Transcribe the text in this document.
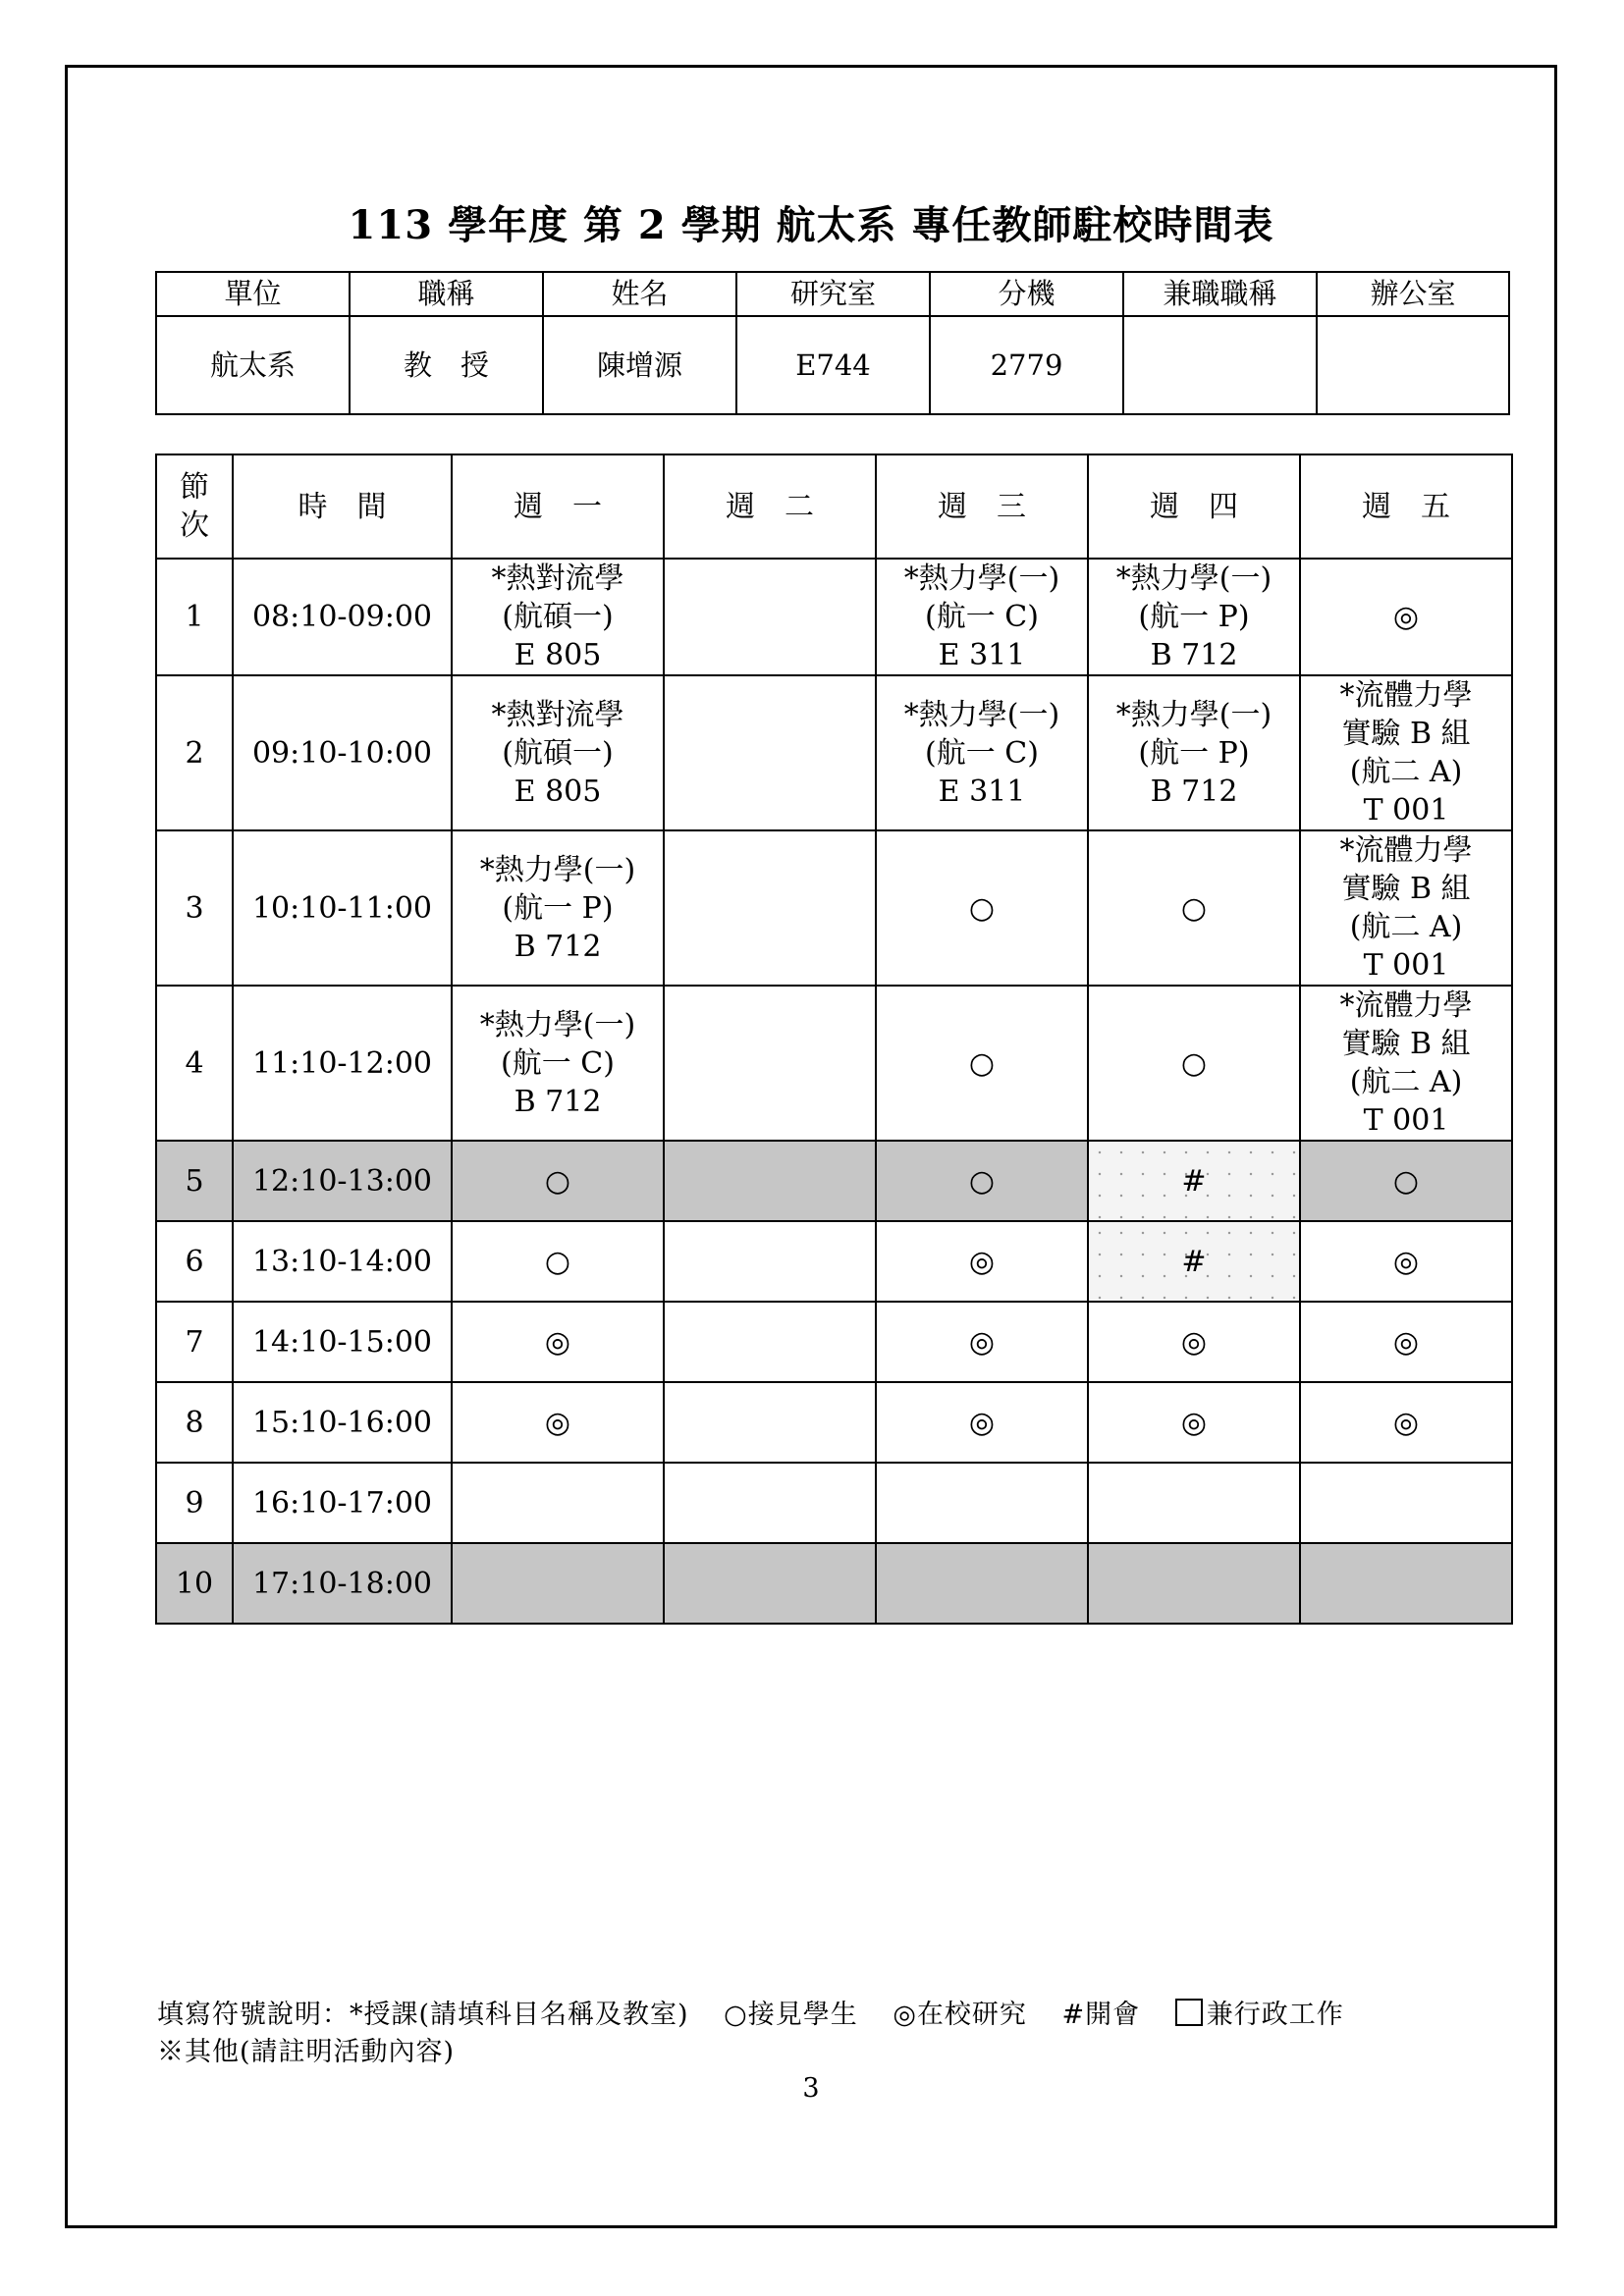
113 學年度 第 2 學期 航太系 專任教師駐校時間表
單位	職稱	姓名	研究室	分機	兼職職稱	辦公室
航太系	教　授	陳增源	E744	2779		
節
次	時　間	週　一	週　二	週　三	週　四	週　五
1	08:10-09:00	*熱對流學
(航碩一)
E 805		*熱力學(一)
(航一 C)
E 311	*熱力學(一)
(航一 P)
B 712	◎
2	09:10-10:00	*熱對流學
(航碩一)
E 805		*熱力學(一)
(航一 C)
E 311	*熱力學(一)
(航一 P)
B 712	*流體力學
實驗 B 組
(航二 A)
T 001

3	10:10-11:00	*熱力學(一)
(航一 P)
B 712		○	○	*流體力學
實驗 B 組
(航二 A)
T 001

4	11:10-12:00	*熱力學(一)
(航一 C)
B 712		○	○	*流體力學
實驗 B 組
(航二 A)
T 001

5	12:10-13:00	○		○	#	○
6	13:10-14:00	○		◎	#	◎
7	14:10-15:00	◎		◎	◎	◎
8	15:10-16:00	◎		◎	◎	◎
9	16:10-17:00					
10	17:10-18:00					
填寫符號說明：*授課(請填科目名稱及教室) ○接見學生 ◎在校研究 #開會	兼行政工作
※其他(請註明活動內容)
3
